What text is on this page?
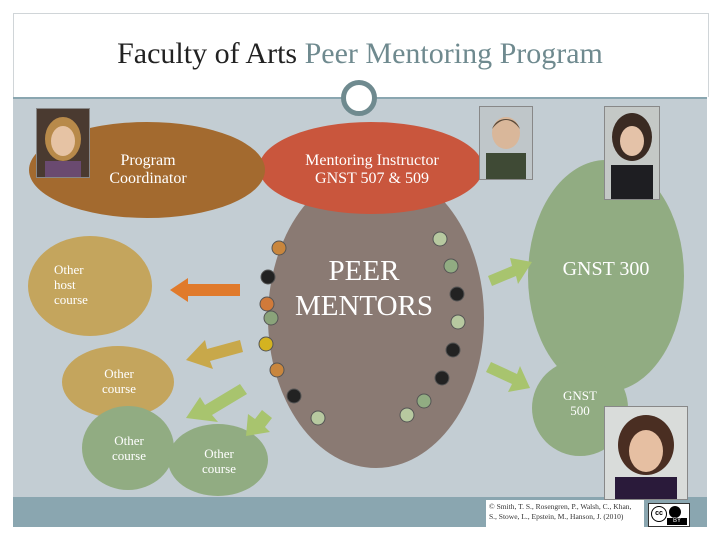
Faculty of Arts Peer Mentoring Program
Program Coordinator
Mentoring Instructor
GNST 507 & 509
PEER
MENTORS
GNST 300
GNST
500
Other
host
course
Other
course
Other
course	Other
course
© Smith, T. S., Rosengren, P., Walsh, C., Khan,
S., Stowe, L., Epstein, M., Hanson, J. (2010)	cc
BY
